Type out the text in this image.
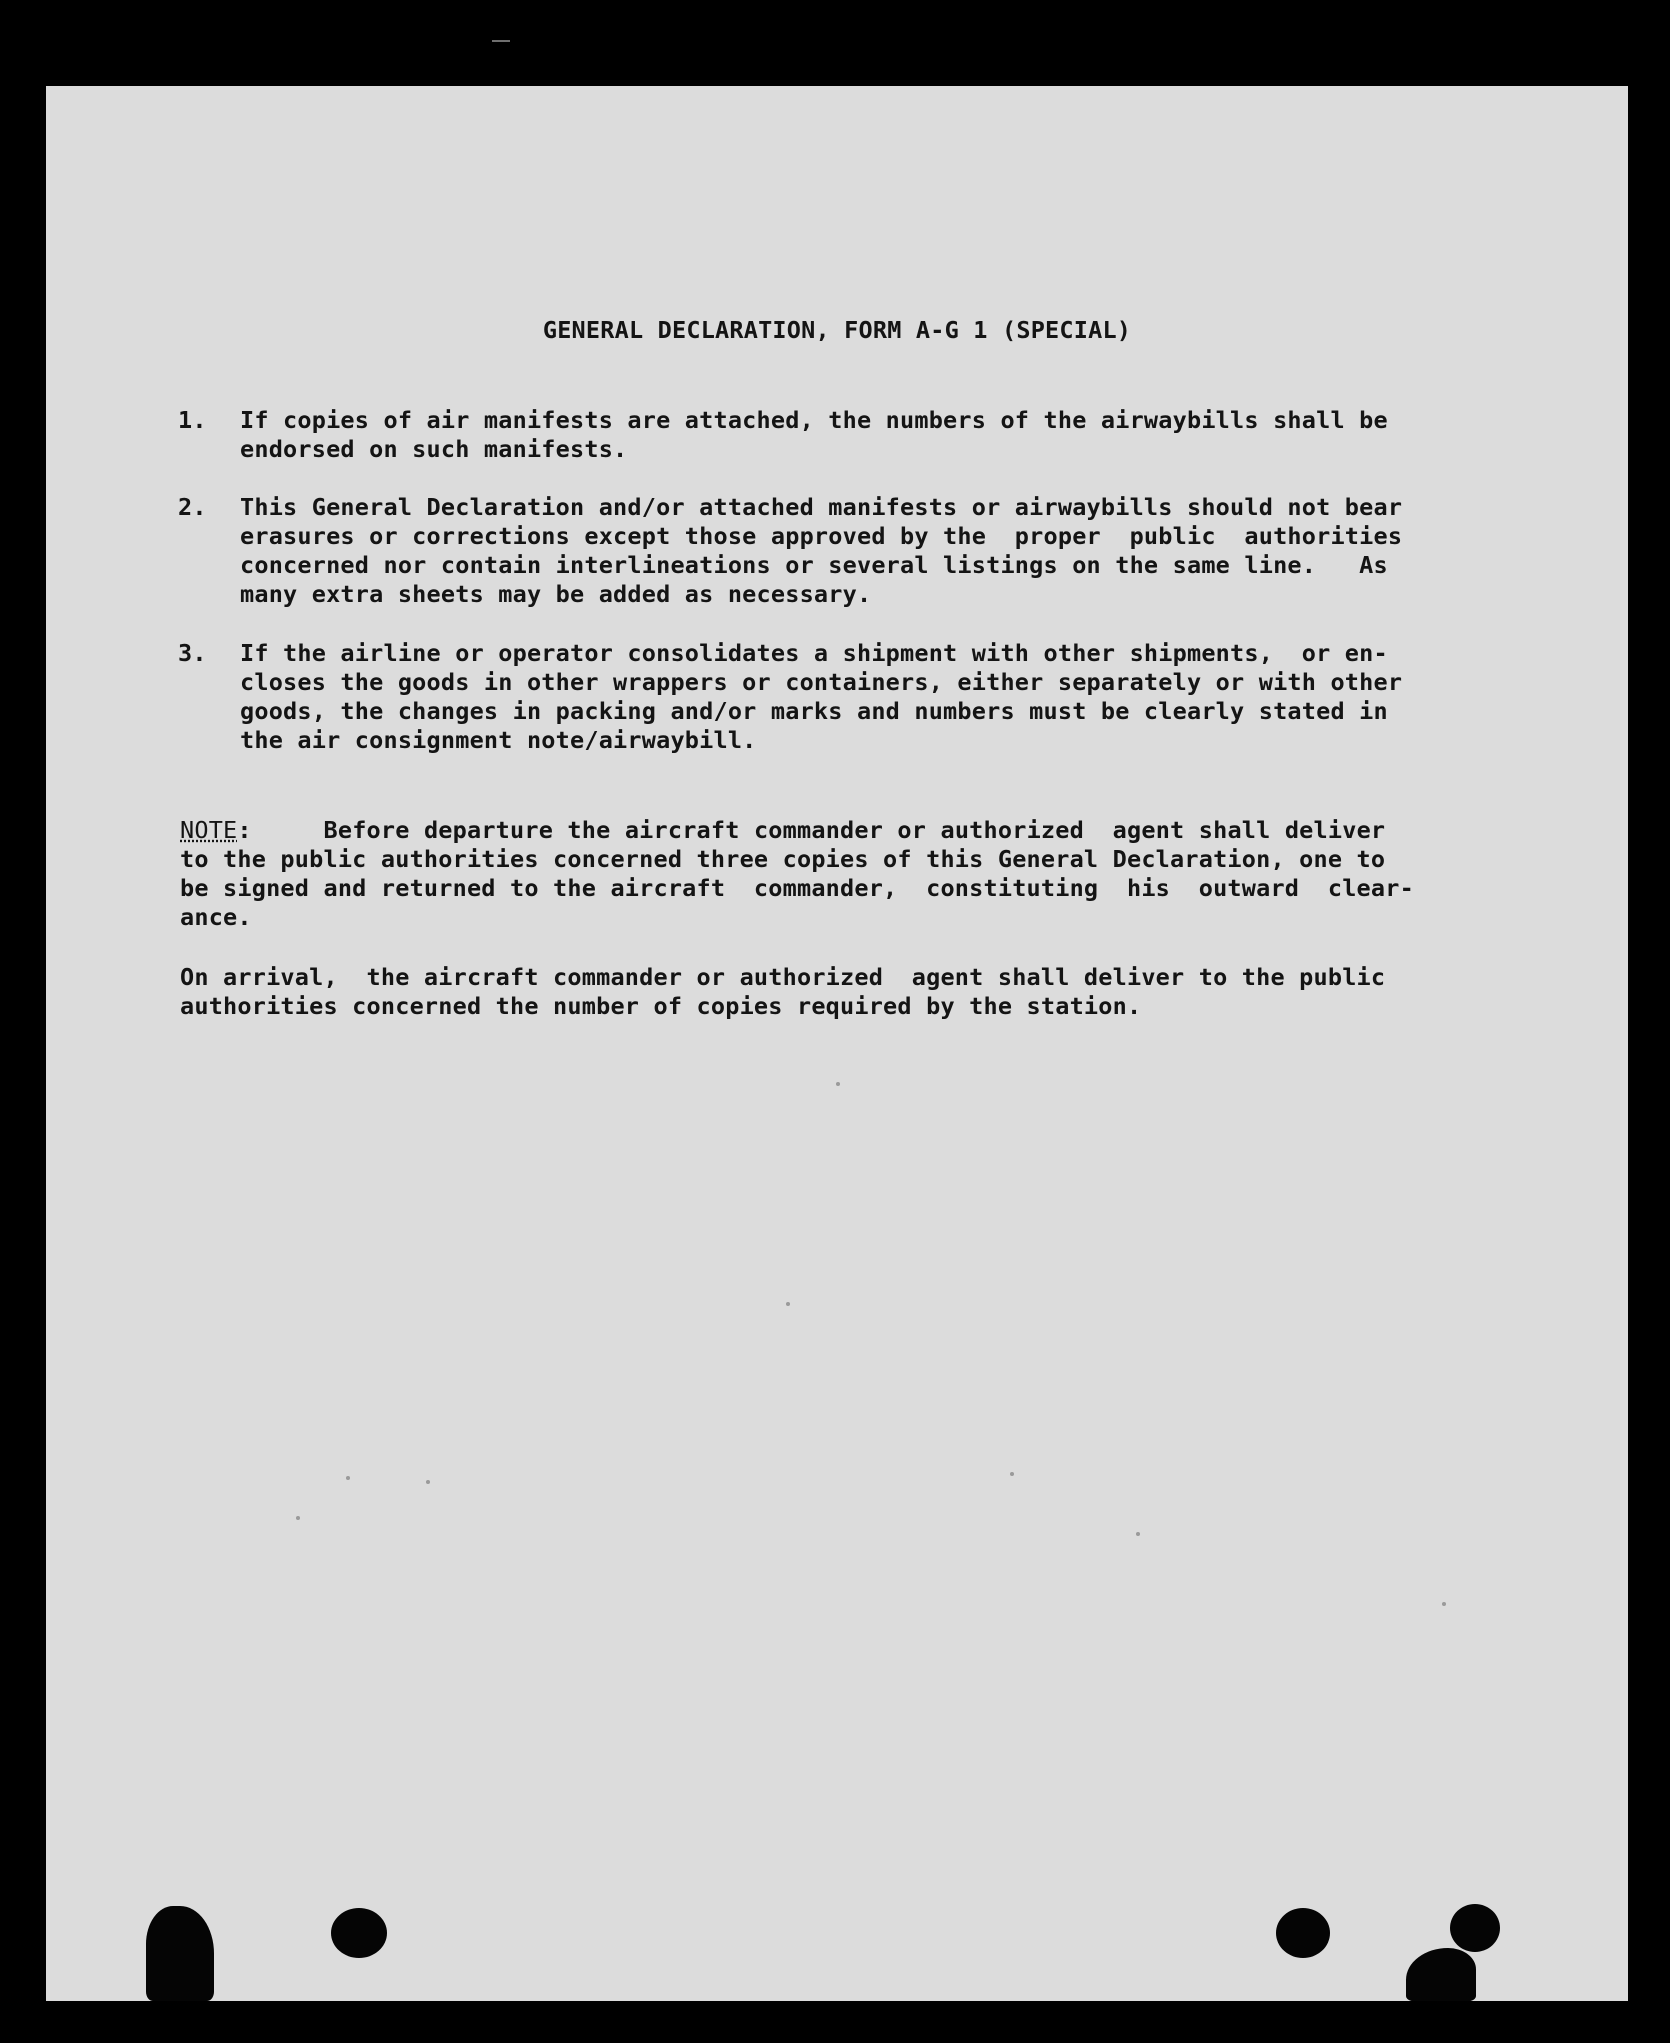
GENERAL DECLARATION, FORM A-G 1 (SPECIAL)
1.	If copies of air manifests are attached, the numbers of the airwaybills shall be
endorsed on such manifests.
2.	This General Declaration and/or attached manifests or airwaybills should not bear
erasures or corrections except those approved by the  proper  public  authorities
concerned nor contain interlineations or several listings on the same line.   As
many extra sheets may be added as necessary.
3.	If the airline or operator consolidates a shipment with other shipments,  or en-
closes the goods in other wrappers or containers, either separately or with other
goods, the changes in packing and/or marks and numbers must be clearly stated in
the air consignment note/airwaybill.
NOTE:     Before departure the aircraft commander or authorized  agent shall deliver
to the public authorities concerned three copies of this General Declaration, one to
be signed and returned to the aircraft  commander,  constituting  his  outward  clear-
ance.
On arrival,  the aircraft commander or authorized  agent shall deliver to the public
authorities concerned the number of copies required by the station.
